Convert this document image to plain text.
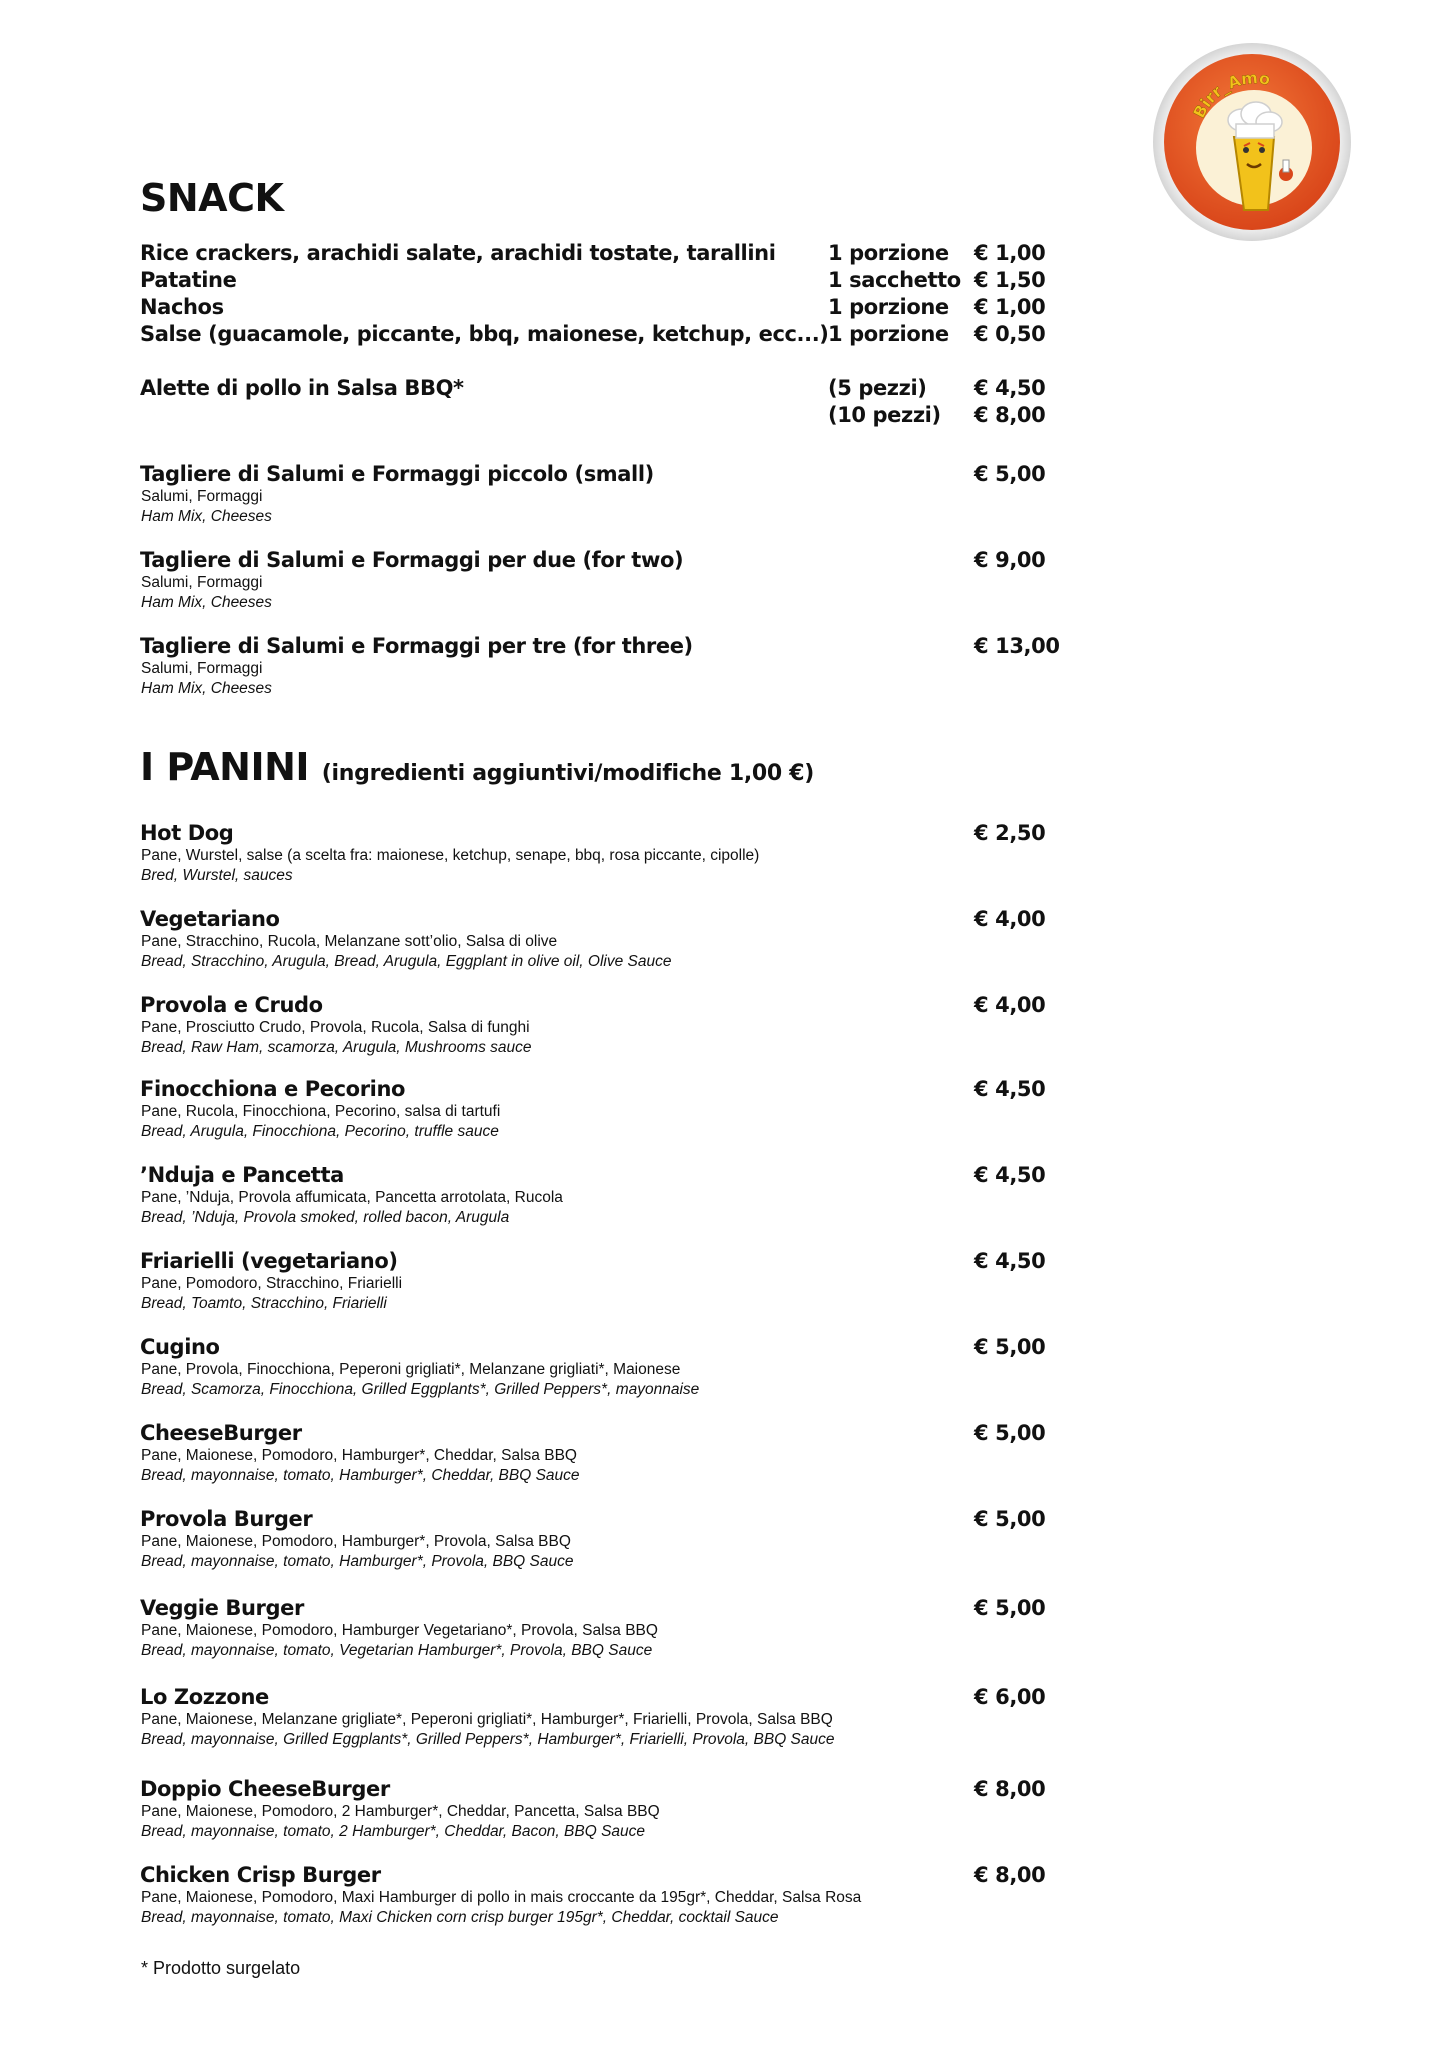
SNACK
Rice crackers, arachidi salate, arachidi tostate, tarallini	1 porzione € 1,00
Patatine	1 sacchetto € 1,50
Nachos	1 porzione € 1,00
Salse (guacamole, piccante, bbq, maionese, ketchup, ecc...) 1 porzione € 0,50
Alette di pollo in Salsa BBQ*	(5 pezzi) € 4,50
(10 pezzi) € 8,00
Tagliere di Salumi e Formaggi piccolo (small)	€ 5,00
Salumi, Formaggi
Ham Mix, Cheeses
Tagliere di Salumi e Formaggi per due (for two)	€ 9,00
Salumi, Formaggi
Ham Mix, Cheeses
Tagliere di Salumi e Formaggi per tre (for three)	€ 13,00
Salumi, Formaggi
Ham Mix, Cheeses
I PANINI (ingredienti aggiuntivi/modifiche 1,00 €)
Hot Dog	€ 2,50
Pane, Wurstel, salse (a scelta fra: maionese, ketchup, senape, bbq, rosa piccante, cipolle)
Bred, Wurstel, sauces
Vegetariano	€ 4,00
Pane, Stracchino, Rucola, Melanzane sott’olio, Salsa di olive
Bread, Stracchino, Arugula, Bread, Arugula, Eggplant in olive oil, Olive Sauce
Provola e Crudo	€ 4,00
Pane, Prosciutto Crudo, Provola, Rucola, Salsa di funghi
Bread, Raw Ham, scamorza, Arugula, Mushrooms sauce
Finocchiona e Pecorino	€ 4,50
Pane, Rucola, Finocchiona, Pecorino, salsa di tartufi
Bread, Arugula, Finocchiona, Pecorino, truffle sauce
’Nduja e Pancetta	€ 4,50
Pane, ’Nduja, Provola affumicata, Pancetta arrotolata, Rucola
Bread, ’Nduja, Provola smoked, rolled bacon, Arugula
Friarielli (vegetariano)	€ 4,50
Pane, Pomodoro, Stracchino, Friarielli
Bread, Toamto, Stracchino, Friarielli
Cugino	€ 5,00
Pane, Provola, Finocchiona, Peperoni grigliati*, Melanzane grigliati*, Maionese
Bread, Scamorza, Finocchiona, Grilled Eggplants*, Grilled Peppers*, mayonnaise
CheeseBurger	€ 5,00
Pane, Maionese, Pomodoro, Hamburger*, Cheddar, Salsa BBQ
Bread, mayonnaise, tomato, Hamburger*, Cheddar, BBQ Sauce
Provola Burger	€ 5,00
Pane, Maionese, Pomodoro, Hamburger*, Provola, Salsa BBQ
Bread, mayonnaise, tomato, Hamburger*, Provola, BBQ Sauce
Veggie Burger	€ 5,00
Pane, Maionese, Pomodoro, Hamburger Vegetariano*, Provola, Salsa BBQ
Bread, mayonnaise, tomato, Vegetarian Hamburger*, Provola, BBQ Sauce
Lo Zozzone	€ 6,00
Pane, Maionese, Melanzane grigliate*, Peperoni grigliati*, Hamburger*, Friarielli, Provola, Salsa BBQ
Bread, mayonnaise, Grilled Eggplants*, Grilled Peppers*, Hamburger*, Friarielli, Provola, BBQ Sauce
Doppio CheeseBurger	€ 8,00
Pane, Maionese, Pomodoro, 2 Hamburger*, Cheddar, Pancetta, Salsa BBQ
Bread, mayonnaise, tomato, 2 Hamburger*, Cheddar, Bacon, BBQ Sauce
Chicken Crisp Burger	€ 8,00
Pane, Maionese, Pomodoro, Maxi Hamburger di pollo in mais croccante da 195gr*, Cheddar, Salsa Rosa
Bread, mayonnaise, tomato, Maxi Chicken corn crisp burger 195gr*, Cheddar, cocktail Sauce
* Prodotto surgelato
Birr_Amo
